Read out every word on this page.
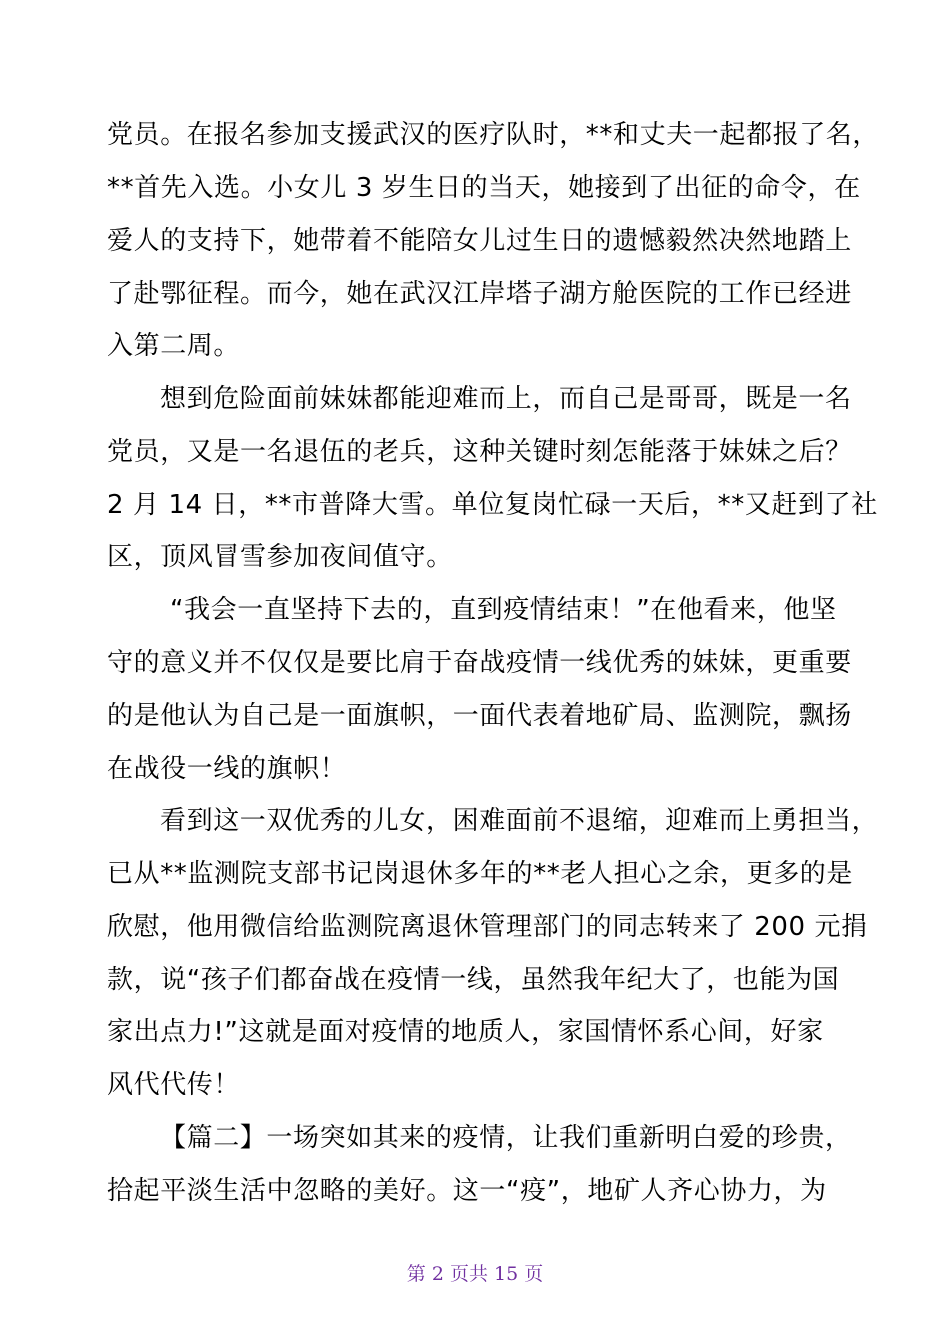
党员。在报名参加支援武汉的医疗队时，**和丈夫一起都报了名，
**首先入选。小女儿 3 岁生日的当天，她接到了出征的命令，在
爱人的支持下，她带着不能陪女儿过生日的遗憾毅然决然地踏上
了赴鄂征程。而今，她在武汉江岸塔子湖方舱医院的工作已经进
入第二周。
想到危险面前妹妹都能迎难而上，而自己是哥哥，既是一名
党员，又是一名退伍的老兵，这种关键时刻怎能落于妹妹之后？
2 月 14 日，**市普降大雪。单位复岗忙碌一天后，**又赶到了社
区，顶风冒雪参加夜间值守。
“我会一直坚持下去的，直到疫情结束！”在他看来，他坚
守的意义并不仅仅是要比肩于奋战疫情一线优秀的妹妹，更重要
的是他认为自己是一面旗帜，一面代表着地矿局、监测院，飘扬
在战役一线的旗帜！
看到这一双优秀的儿女，困难面前不退缩，迎难而上勇担当，
已从**监测院支部书记岗退休多年的**老人担心之余，更多的是
欣慰，他用微信给监测院离退休管理部门的同志转来了 200 元捐
款，说“孩子们都奋战在疫情一线，虽然我年纪大了，也能为国
家出点力!”这就是面对疫情的地质人，家国情怀系心间，好家
风代代传！
【篇二】一场突如其来的疫情，让我们重新明白爱的珍贵，
拾起平淡生活中忽略的美好。这一“疫”，地矿人齐心协力，为
第 2 页共 15 页
